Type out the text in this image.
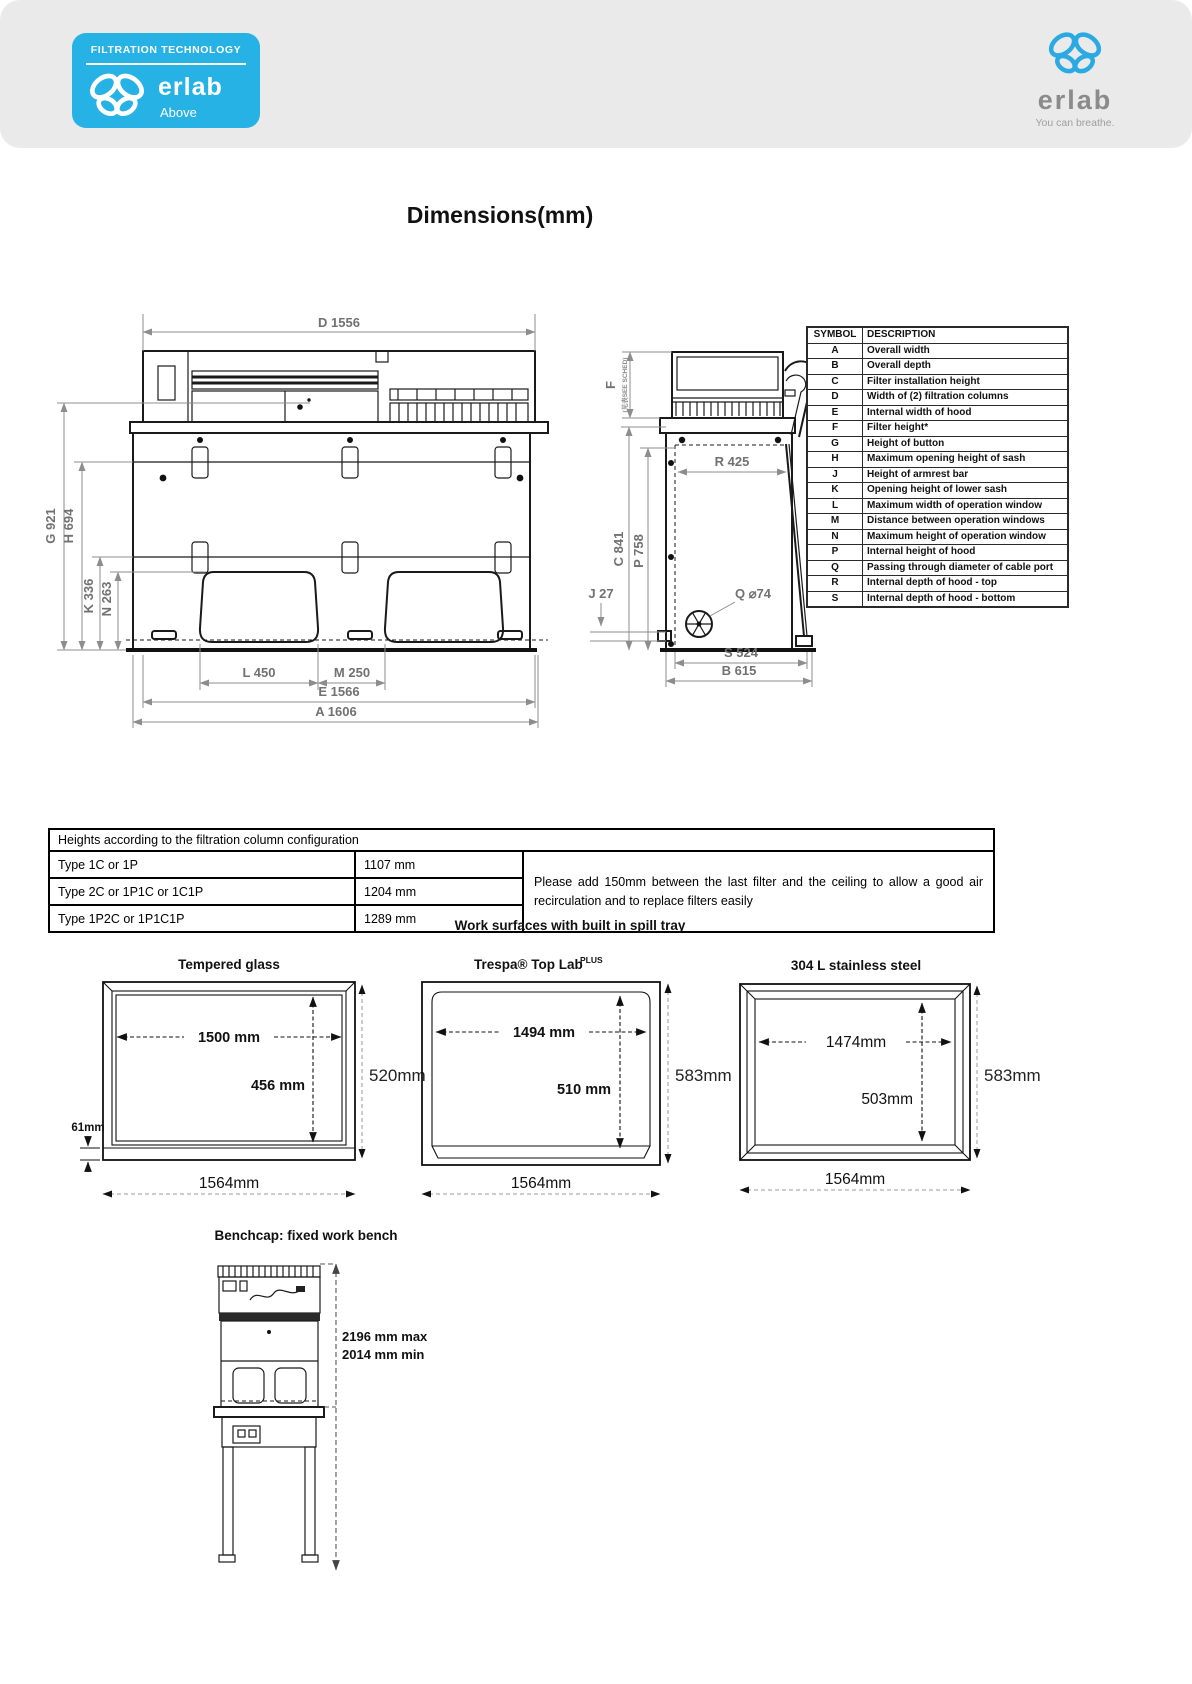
FILTRATION TECHNOLOGY
erlab
Above	erlab
You can breathe.
Dimensions(mm)
D 1556
G 921 H 694
K 336 N 263
L 450	M 250
E 1566
A 1606
F (见表SEE SCHED)
C 841 P 758
R 425
J 27	Q ⌀74
S 524
B 615
SYMBOL	DESCRIPTION
A	Overall width
B	Overall depth
C	Filter installation height
D	Width of (2) filtration columns
E	Internal width of hood
F	Filter height*
G	Height of button
H	Maximum opening height of sash
J	Height of armrest bar
K	Opening height of lower sash
L	Maximum width of operation window
M	Distance between operation windows
N	Maximum height of operation window
P	Internal height of hood
Q	Passing through diameter of cable port
R	Internal depth of hood - top
S	Internal depth of hood - bottom
Heights according to the filtration column configuration		
Type 1C or 1P	1107 mm	Please add 150mm between the last filter and the ceiling to allow a good air recirculation and to replace filters easily
Type 2C or 1P1C or 1C1P	1204 mm	
Type 1P2C or 1P1C1P	1289 mm		Work surfaces with built in spill tray
Tempered glass
1500 mm
456 mm
520mm
61mm
1564mm
Trespa® Top Lab
PLUS
1494 mm
510 mm
583mm
1564mm
304 L stainless steel
1474mm
503mm
583mm
1564mm
Benchcap: fixed work bench
2196 mm max
2014 mm min
